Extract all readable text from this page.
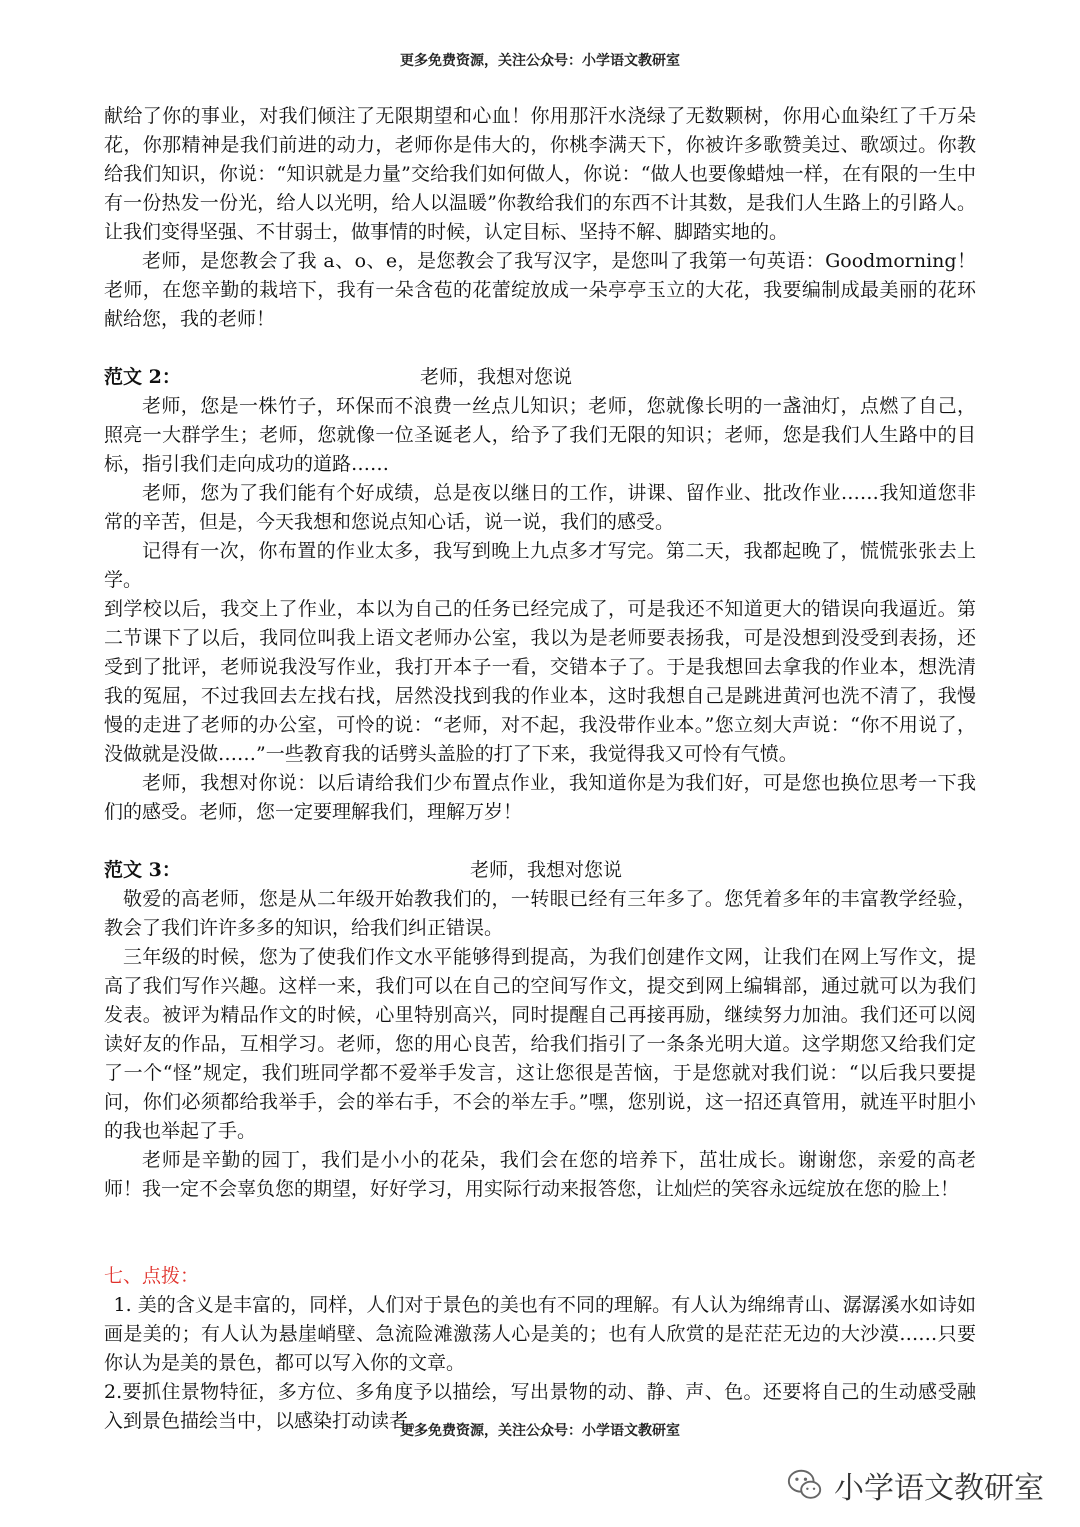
更多免费资源，关注公众号：小学语文教研室

献给了你的事业，对我们倾注了无限期望和心血！你用那汗水浇绿了无数颗树，你用心血染红了千万朵花，你那精神是我们前进的动力，老师你是伟大的，你桃李满天下，你被许多歌赞美过、歌颂过。你教给我们知识，你说：“知识就是力量”交给我们如何做人，你说：“做人也要像蜡烛一样，在有限的一生中有一份热发一份光，给人以光明，给人以温暖”你教给我们的东西不计其数，是我们人生路上的引路人。让我们变得坚强、不甘弱士，做事情的时候，认定目标、坚持不解、脚踏实地的。

老师，是您教会了我 a、o、e，是您教会了我写汉字，是您叫了我第一句英语：Goodmorning！老师，在您辛勤的栽培下，我有一朵含苞的花蕾绽放成一朵亭亭玉立的大花，我要编制成最美丽的花环献给您，我的老师！

范文 2：	老师，我想对您说

老师，您是一株竹子，环保而不浪费一丝点儿知识；老师，您就像长明的一盏油灯，点燃了自己，照亮一大群学生；老师，您就像一位圣诞老人，给予了我们无限的知识；老师，您是我们人生路中的目标，指引我们走向成功的道路……

老师，您为了我们能有个好成绩，总是夜以继日的工作，讲课、留作业、批改作业……我知道您非常的辛苦，但是，今天我想和您说点知心话，说一说，我们的感受。

记得有一次，你布置的作业太多，我写到晚上九点多才写完。第二天，我都起晚了，慌慌张张去上学。

到学校以后，我交上了作业，本以为自己的任务已经完成了，可是我还不知道更大的错误向我逼近。第二节课下了以后，我同位叫我上语文老师办公室，我以为是老师要表扬我，可是没想到没受到表扬，还受到了批评，老师说我没写作业，我打开本子一看，交错本子了。于是我想回去拿我的作业本，想洗清我的冤屈，不过我回去左找右找，居然没找到我的作业本，这时我想自己是跳进黄河也洗不清了，我慢慢的走进了老师的办公室，可怜的说：“老师，对不起，我没带作业本。”您立刻大声说：“你不用说了，没做就是没做……”一些教育我的话劈头盖脸的打了下来，我觉得我又可怜有气愤。

老师，我想对你说：以后请给我们少布置点作业，我知道你是为我们好，可是您也换位思考一下我们的感受。老师，您一定要理解我们，理解万岁！

范文 3：	老师，我想对您说

敬爱的高老师，您是从二年级开始教我们的，一转眼已经有三年多了。您凭着多年的丰富教学经验，教会了我们许许多多的知识，给我们纠正错误。

三年级的时候，您为了使我们作文水平能够得到提高，为我们创建作文网，让我们在网上写作文，提高了我们写作兴趣。这样一来，我们可以在自己的空间写作文，提交到网上编辑部，通过就可以为我们发表。被评为精品作文的时候，心里特别高兴，同时提醒自己再接再励，继续努力加油。我们还可以阅读好友的作品，互相学习。老师，您的用心良苦，给我们指引了一条条光明大道。这学期您又给我们定了一个“怪”规定，我们班同学都不爱举手发言，这让您很是苦恼，于是您就对我们说：“以后我只要提问，你们必须都给我举手，会的举右手，不会的举左手。”嘿，您别说，这一招还真管用，就连平时胆小的我也举起了手。

老师是辛勤的园丁，我们是小小的花朵，我们会在您的培养下，茁壮成长。谢谢您，亲爱的高老师！我一定不会辜负您的期望，好好学习，用实际行动来报答您，让灿烂的笑容永远绽放在您的脸上！

七、点拨：

1. 美的含义是丰富的，同样，人们对于景色的美也有不同的理解。有人认为绵绵青山、潺潺溪水如诗如画是美的；有人认为悬崖峭壁、急流险滩激荡人心是美的；也有人欣赏的是茫茫无边的大沙漠……只要你认为是美的景色，都可以写入你的文章。

2.要抓住景物特征，多方位、多角度予以描绘，写出景物的动、静、声、色。还要将自己的生动感受融入到景色描绘当中，以感染打动读者。

更多免费资源，关注公众号：小学语文教研室
小学语文教研室
